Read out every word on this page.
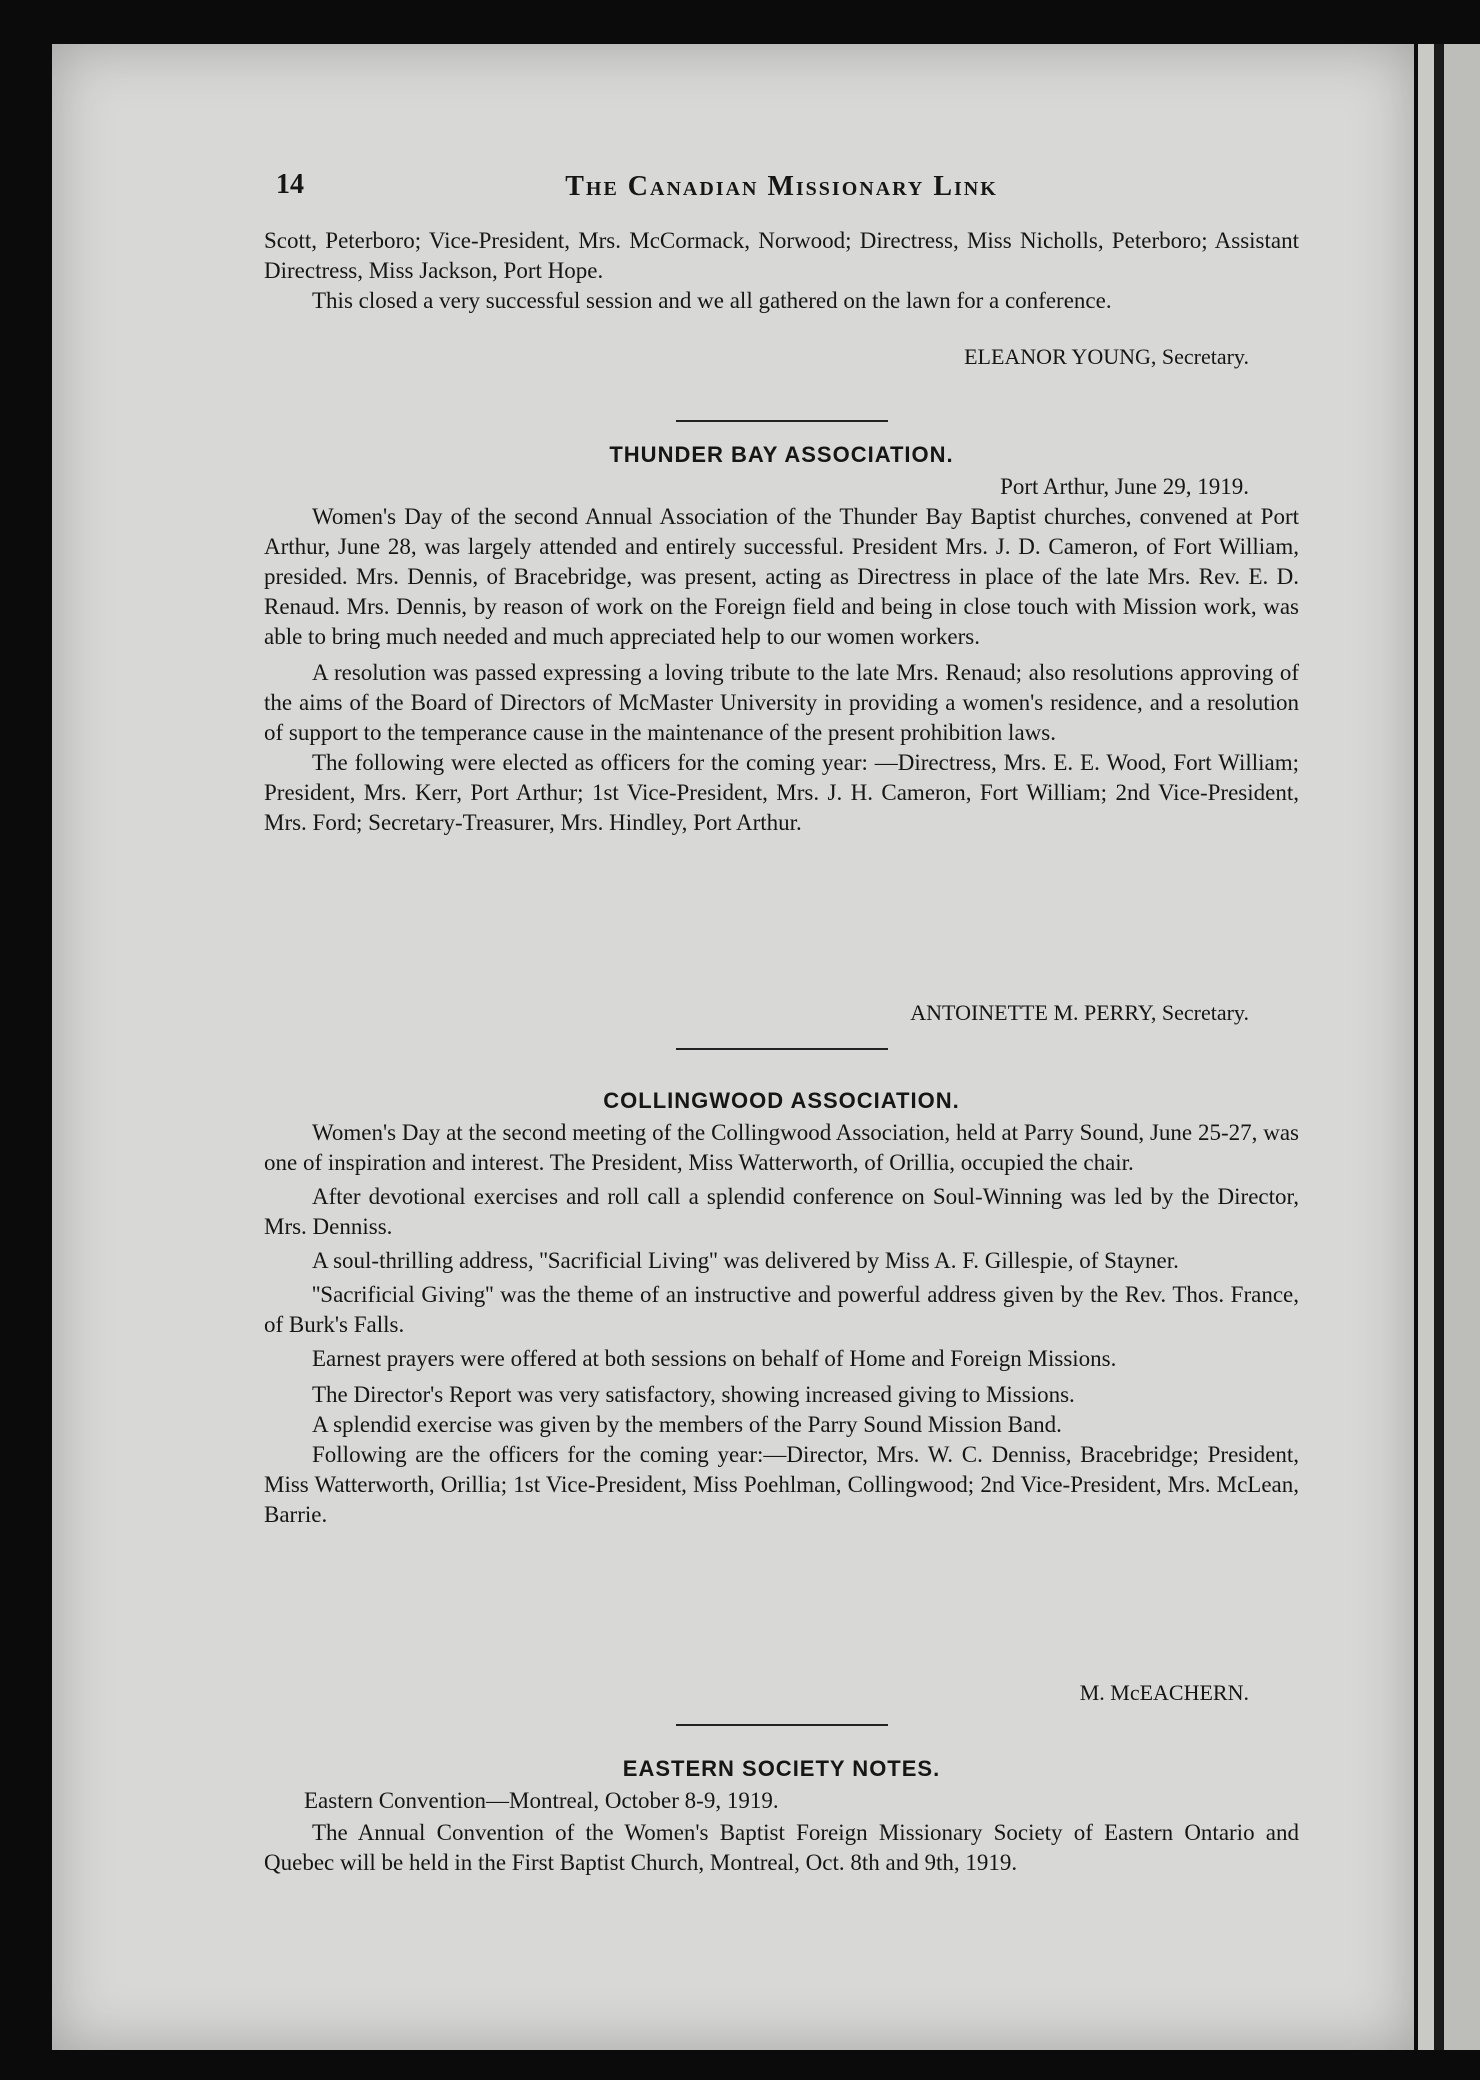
14	The Canadian Missionary Link

Scott, Peterboro; Vice-President, Mrs. McCormack, Norwood; Directress, Miss Nicholls, Peterboro; Assistant Directress, Miss Jackson, Port Hope.

This closed a very successful session and we all gathered on the lawn for a conference.

ELEANOR YOUNG, Secretary.
THUNDER BAY ASSOCIATION.
Port Arthur, June 29, 1919.

Women's Day of the second Annual Association of the Thunder Bay Baptist churches, convened at Port Arthur, June 28, was largely attended and entirely successful. President Mrs. J. D. Cameron, of Fort William, presided. Mrs. Dennis, of Bracebridge, was present, acting as Directress in place of the late Mrs. Rev. E. D. Renaud. Mrs. Dennis, by reason of work on the Foreign field and being in close touch with Mission work, was able to bring much needed and much appreciated help to our women workers.

A resolution was passed expressing a loving tribute to the late Mrs. Renaud; also resolutions approving of the aims of the Board of Directors of McMaster University in providing a women's residence, and a resolution of support to the temperance cause in the maintenance of the present prohibition laws.

The following were elected as officers for the coming year: —Directress, Mrs. E. E. Wood, Fort William; President, Mrs. Kerr, Port Arthur; 1st Vice-President, Mrs. J. H. Cameron, Fort William; 2nd Vice-President, Mrs. Ford; Secretary-Treasurer, Mrs. Hindley, Port Arthur.

ANTOINETTE M. PERRY, Secretary.
COLLINGWOOD ASSOCIATION.

Women's Day at the second meeting of the Collingwood Association, held at Parry Sound, June 25-27, was one of inspiration and interest. The President, Miss Watterworth, of Orillia, occupied the chair.

After devotional exercises and roll call a splendid conference on Soul-Winning was led by the Director, Mrs. Denniss.

A soul-thrilling address, ''Sacrificial Living'' was delivered by Miss A. F. Gillespie, of Stayner.

''Sacrificial Giving'' was the theme of an instructive and powerful address given by the Rev. Thos. France, of Burk's Falls.

Earnest prayers were offered at both sessions on behalf of Home and Foreign Missions.

The Director's Report was very satisfactory, showing increased giving to Missions.

A splendid exercise was given by the members of the Parry Sound Mission Band.

Following are the officers for the coming year:—Director, Mrs. W. C. Denniss, Bracebridge; President, Miss Watterworth, Orillia; 1st Vice-President, Miss Poehlman, Collingwood; 2nd Vice-President, Mrs. McLean, Barrie.

M. McEACHERN.
EASTERN SOCIETY NOTES.
Eastern Convention—Montreal, October 8-9, 1919.

The Annual Convention of the Women's Baptist Foreign Missionary Society of Eastern Ontario and Quebec will be held in the First Baptist Church, Montreal, Oct. 8th and 9th, 1919.
